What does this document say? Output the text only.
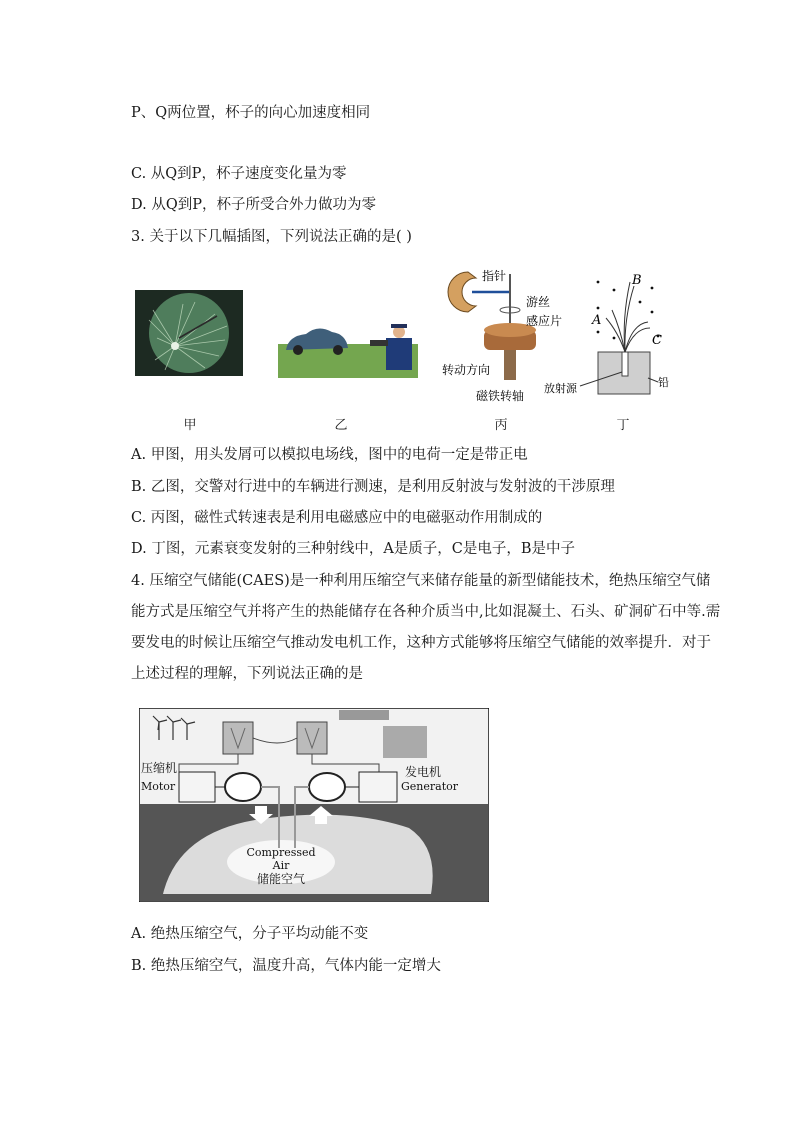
P、Q两位置，杯子的向心加速度相同
C. 从Q到P，杯子速度变化量为零
D. 从Q到P，杯子所受合外力做功为零
3. 关于以下几幅插图，下列说法正确的是( )
指针
游丝
感应片
转动方向
磁铁转轴
B
A
C
放射源	铅
甲	乙	丙	丁
A. 甲图，用头发屑可以模拟电场线，图中的电荷一定是带正电
B. 乙图，交警对行进中的车辆进行测速，是利用反射波与发射波的干涉原理
C. 丙图，磁性式转速表是利用电磁感应中的电磁驱动作用制成的
D. 丁图，元素衰变发射的三种射线中，A是质子，C是电子，B是中子
4. 压缩空气储能(CAES)是一种利用压缩空气来储存能量的新型储能技术，绝热压缩空气储
能方式是压缩空气并将产生的热能储存在各种介质当中,比如混凝土、石头、矿洞矿石中等.需
要发电的时候让压缩空气推动发电机工作，这种方式能够将压缩空气储能的效率提升．对于
上述过程的理解，下列说法正确的是
压缩机
Motor
发电机
Generator
Compressed
Air
储能空气
A. 绝热压缩空气，分子平均动能不变
B. 绝热压缩空气，温度升高，气体内能一定增大
